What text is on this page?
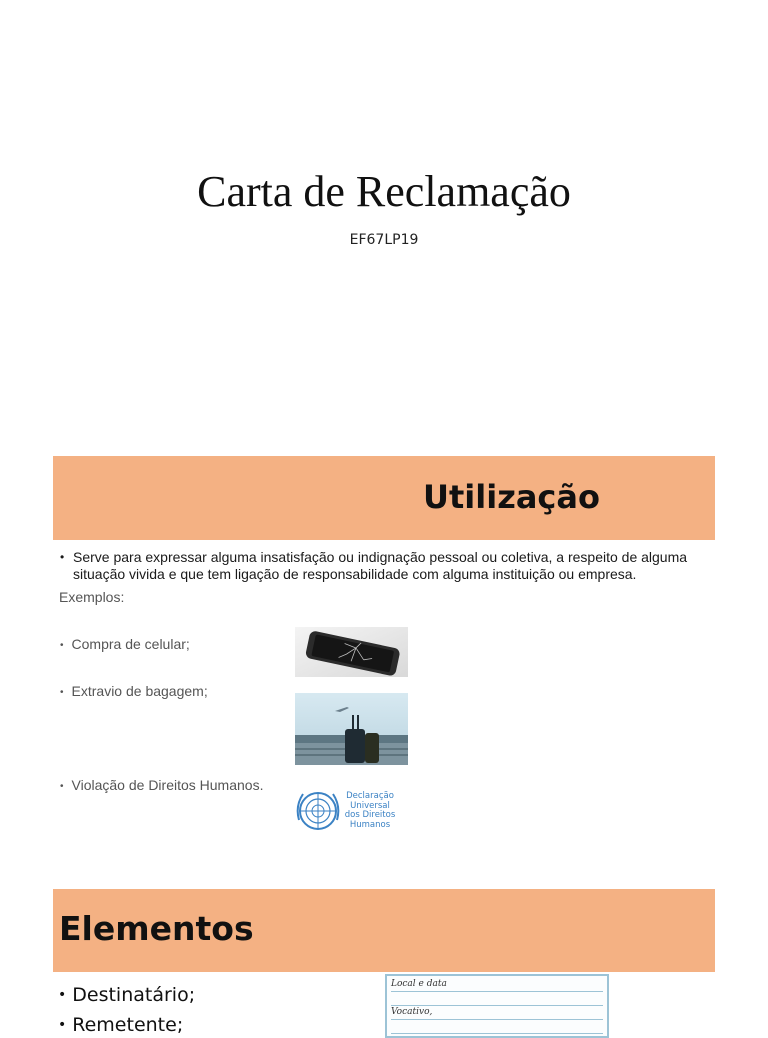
Carta de Reclamação
EF67LP19
Utilização
• Serve para expressar alguma insatisfação ou indignação pessoal ou coletiva, a respeito de alguma situação vivida e que tem ligação de responsabilidade com alguma instituição ou empresa.
Exemplos:
• Compra de celular;
• Extravio de bagagem;
• Violação de Direitos Humanos.
Declaração
Universal
dos Direitos
Humanos
Elementos
• Destinatário;
• Remetente;
Local e data
Vocativo,
